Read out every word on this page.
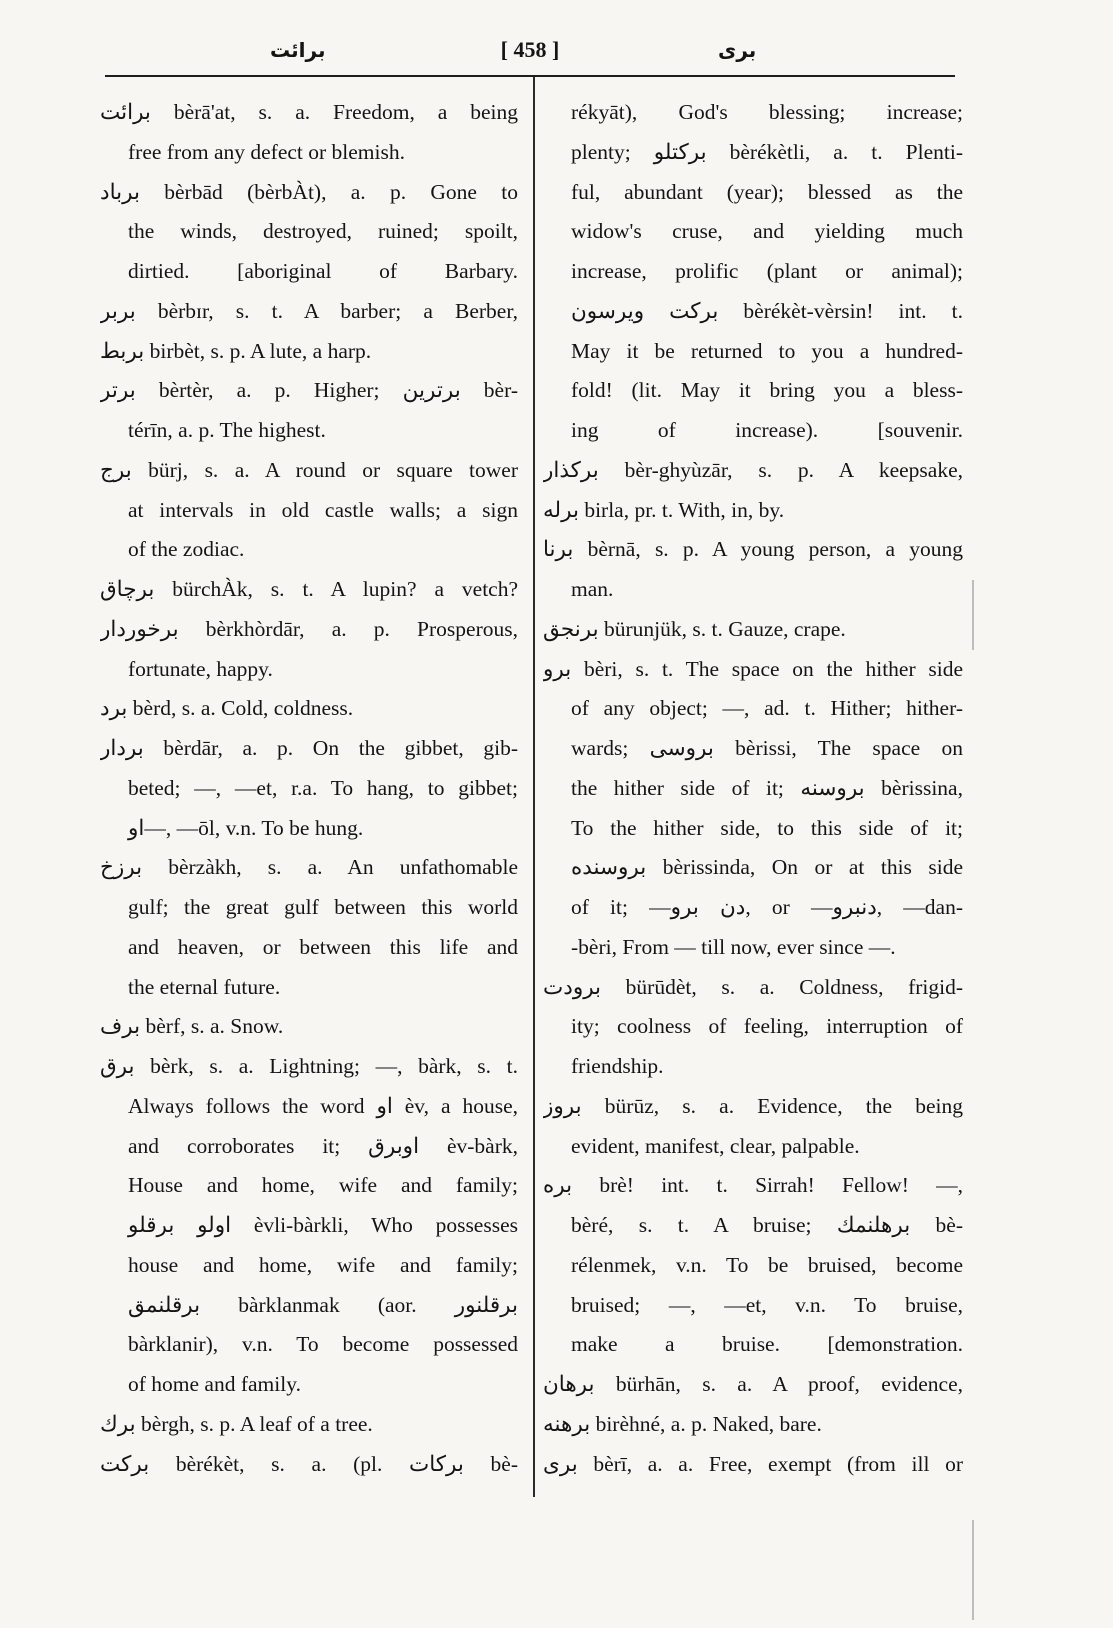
برائت	[ 458 ]	بری
برائت bèrā'at, s. a. Freedom, a being
free from any defect or blemish.
برباد bèrbād (bèrbÀt), a. p. Gone to
the winds, destroyed, ruined; spoilt,
dirtied. [aboriginal of Barbary.
بربر bèrbɪr, s. t. A barber; a Berber,
بربط birbèt, s. p. A lute, a harp.
برتر bèrtèr, a. p. Higher; برترین bèr-
térīn, a. p. The highest.
برج bürj, s. a. A round or square tower
at intervals in old castle walls; a sign
of the zodiac.
برچاق bürchÀk, s. t. A lupin? a vetch?
برخوردار bèrkhòrdār, a. p. Prosperous,
fortunate, happy.
برد bèrd, s. a. Cold, coldness.
بردار bèrdār, a. p. On the gibbet, gib-
beted; ‏—, —et, r.a. To hang, to gibbet;
‏—او, —ōl, v.n. To be hung.
برزخ bèrzàkh, s. a. An unfathomable
gulf; the great gulf between this world
and heaven, or between this life and
the eternal future.
برف bèrf, s. a. Snow.
برق bèrk, s. a. Lightning; —, bàrk, s. t.
Always follows the word او èv, a house,
and corroborates it; اوبرق èv-bàrk,
House and home, wife and family;
اولو برقلو èvli-bàrkli, Who possesses
house and home, wife and family;
برقلنمق bàrklanmak (aor. برقلنور
bàrklanir), v.n. To become possessed
of home and family.
برك bèrgh, s. p. A leaf of a tree.
بركت bèrékèt, s. a. (pl. بركات bè-
rékyāt), God's blessing; increase;
plenty; بركتلو bèrékètli, a. t. Plenti-
ful, abundant (year); blessed as the
widow's cruse, and yielding much
increase, prolific (plant or animal);
بركت ويرسون bèrékèt-vèrsin! int. t.
May it be returned to you a hundred-
fold! (lit. May it bring you a bless-
ing of increase). [souvenir.
بركذار bèr-ghyùzār, s. p. A keepsake,
برله birla, pr. t. With, in, by.
برنا bèrnā, s. p. A young person, a young
man.
برنجق bürunjük, s. t. Gauze, crape.
برو bèri, s. t. The space on the hither side
of any object; —, ad. t. Hither; hither-
wards; بروسی bèrissi, The space on
the hither side of it; بروسنه bèrissina,
To the hither side, to this side of it;
بروسنده bèrissinda, On or at this side
of it; —دن برو, or —دنبرو, —dan-
-bèri, From — till now, ever since —.
برودت bürūdèt, s. a. Coldness, frigid-
ity; coolness of feeling, interruption of
friendship.
بروز bürūz, s. a. Evidence, the being
evident, manifest, clear, palpable.
بره brè! int. t. Sirrah! Fellow! —,
bèré, s. t. A bruise; برهلنمك bè-
rélenmek, v.n. To be bruised, become
bruised; ‏—, —et, v.n. To bruise,
make a bruise. [demonstration.
برهان bürhān, s. a. A proof, evidence,
برهنه birèhné, a. p. Naked, bare.
بری bèrī, a. a. Free, exempt (from ill or
